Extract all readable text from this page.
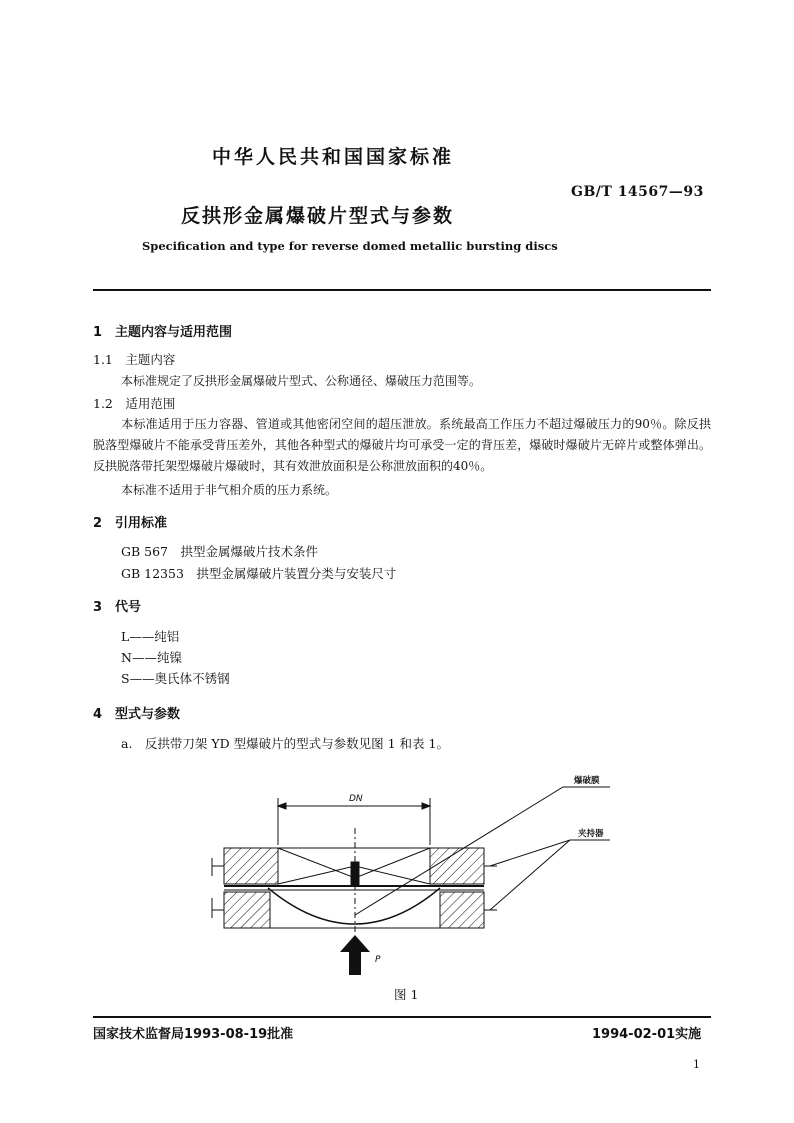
中华人民共和国国家标准
GB/T 14567—93
反拱形金属爆破片型式与参数
Specification and type for reverse domed metallic bursting discs
1　主题内容与适用范围
1.1　主题内容
本标准规定了反拱形金属爆破片型式、公称通径、爆破压力范围等。
1.2　适用范围
本标准适用于压力容器、管道或其他密闭空间的超压泄放。系统最高工作压力不超过爆破压力的90％。除反拱脱落型爆破片不能承受背压差外，其他各种型式的爆破片均可承受一定的背压差，爆破时爆破片无碎片或整体弹出。反拱脱落带托架型爆破片爆破时，其有效泄放面积是公称泄放面积的40％。
本标准不适用于非气相介质的压力系统。
2　引用标准
GB 567　拱型金属爆破片技术条件
GB 12353　拱型金属爆破片装置分类与安装尺寸
3　代号
L——纯铝
N——纯镍
S——奥氏体不锈钢
4　型式与参数
a.　反拱带刀架 YD 型爆破片的型式与参数见图 1 和表 1。
DN
P
爆破膜
夹持器
图 1
国家技术监督局1993-08-19批准	1994-02-01实施
1
